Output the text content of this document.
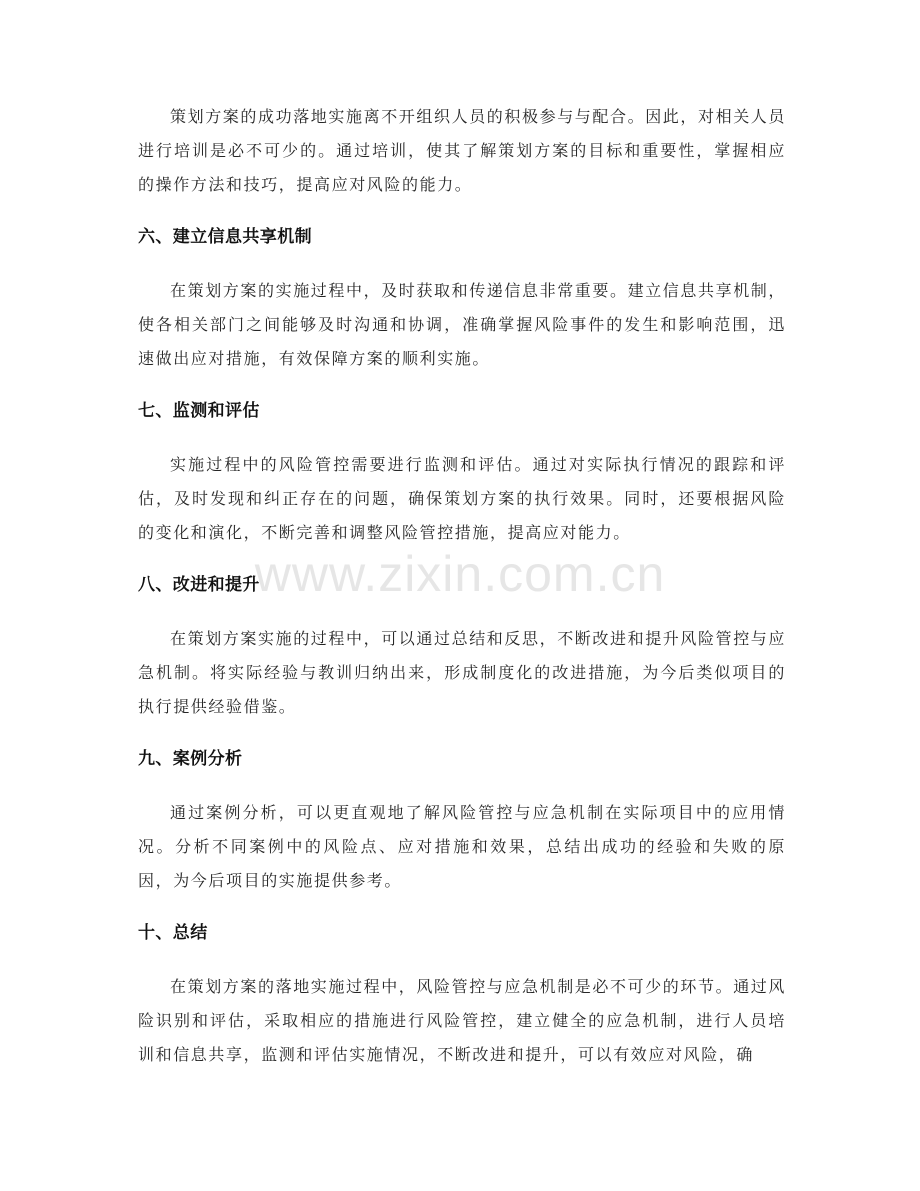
www.zixin.com.cn

策划方案的成功落地实施离不开组织人员的积极参与与配合。因此，对相关人员进行培训是必不可少的。通过培训，使其了解策划方案的目标和重要性，掌握相应的操作方法和技巧，提高应对风险的能力。

六、建立信息共享机制

在策划方案的实施过程中，及时获取和传递信息非常重要。建立信息共享机制，使各相关部门之间能够及时沟通和协调，准确掌握风险事件的发生和影响范围，迅速做出应对措施，有效保障方案的顺利实施。

七、监测和评估

实施过程中的风险管控需要进行监测和评估。通过对实际执行情况的跟踪和评估，及时发现和纠正存在的问题，确保策划方案的执行效果。同时，还要根据风险的变化和演化，不断完善和调整风险管控措施，提高应对能力。

八、改进和提升

在策划方案实施的过程中，可以通过总结和反思，不断改进和提升风险管控与应急机制。将实际经验与教训归纳出来，形成制度化的改进措施，为今后类似项目的执行提供经验借鉴。

九、案例分析

通过案例分析，可以更直观地了解风险管控与应急机制在实际项目中的应用情况。分析不同案例中的风险点、应对措施和效果，总结出成功的经验和失败的原因，为今后项目的实施提供参考。

十、总结

在策划方案的落地实施过程中，风险管控与应急机制是必不可少的环节。通过风险识别和评估，采取相应的措施进行风险管控，建立健全的应急机制，进行人员培训和信息共享，监测和评估实施情况，不断改进和提升，可以有效应对风险，确
